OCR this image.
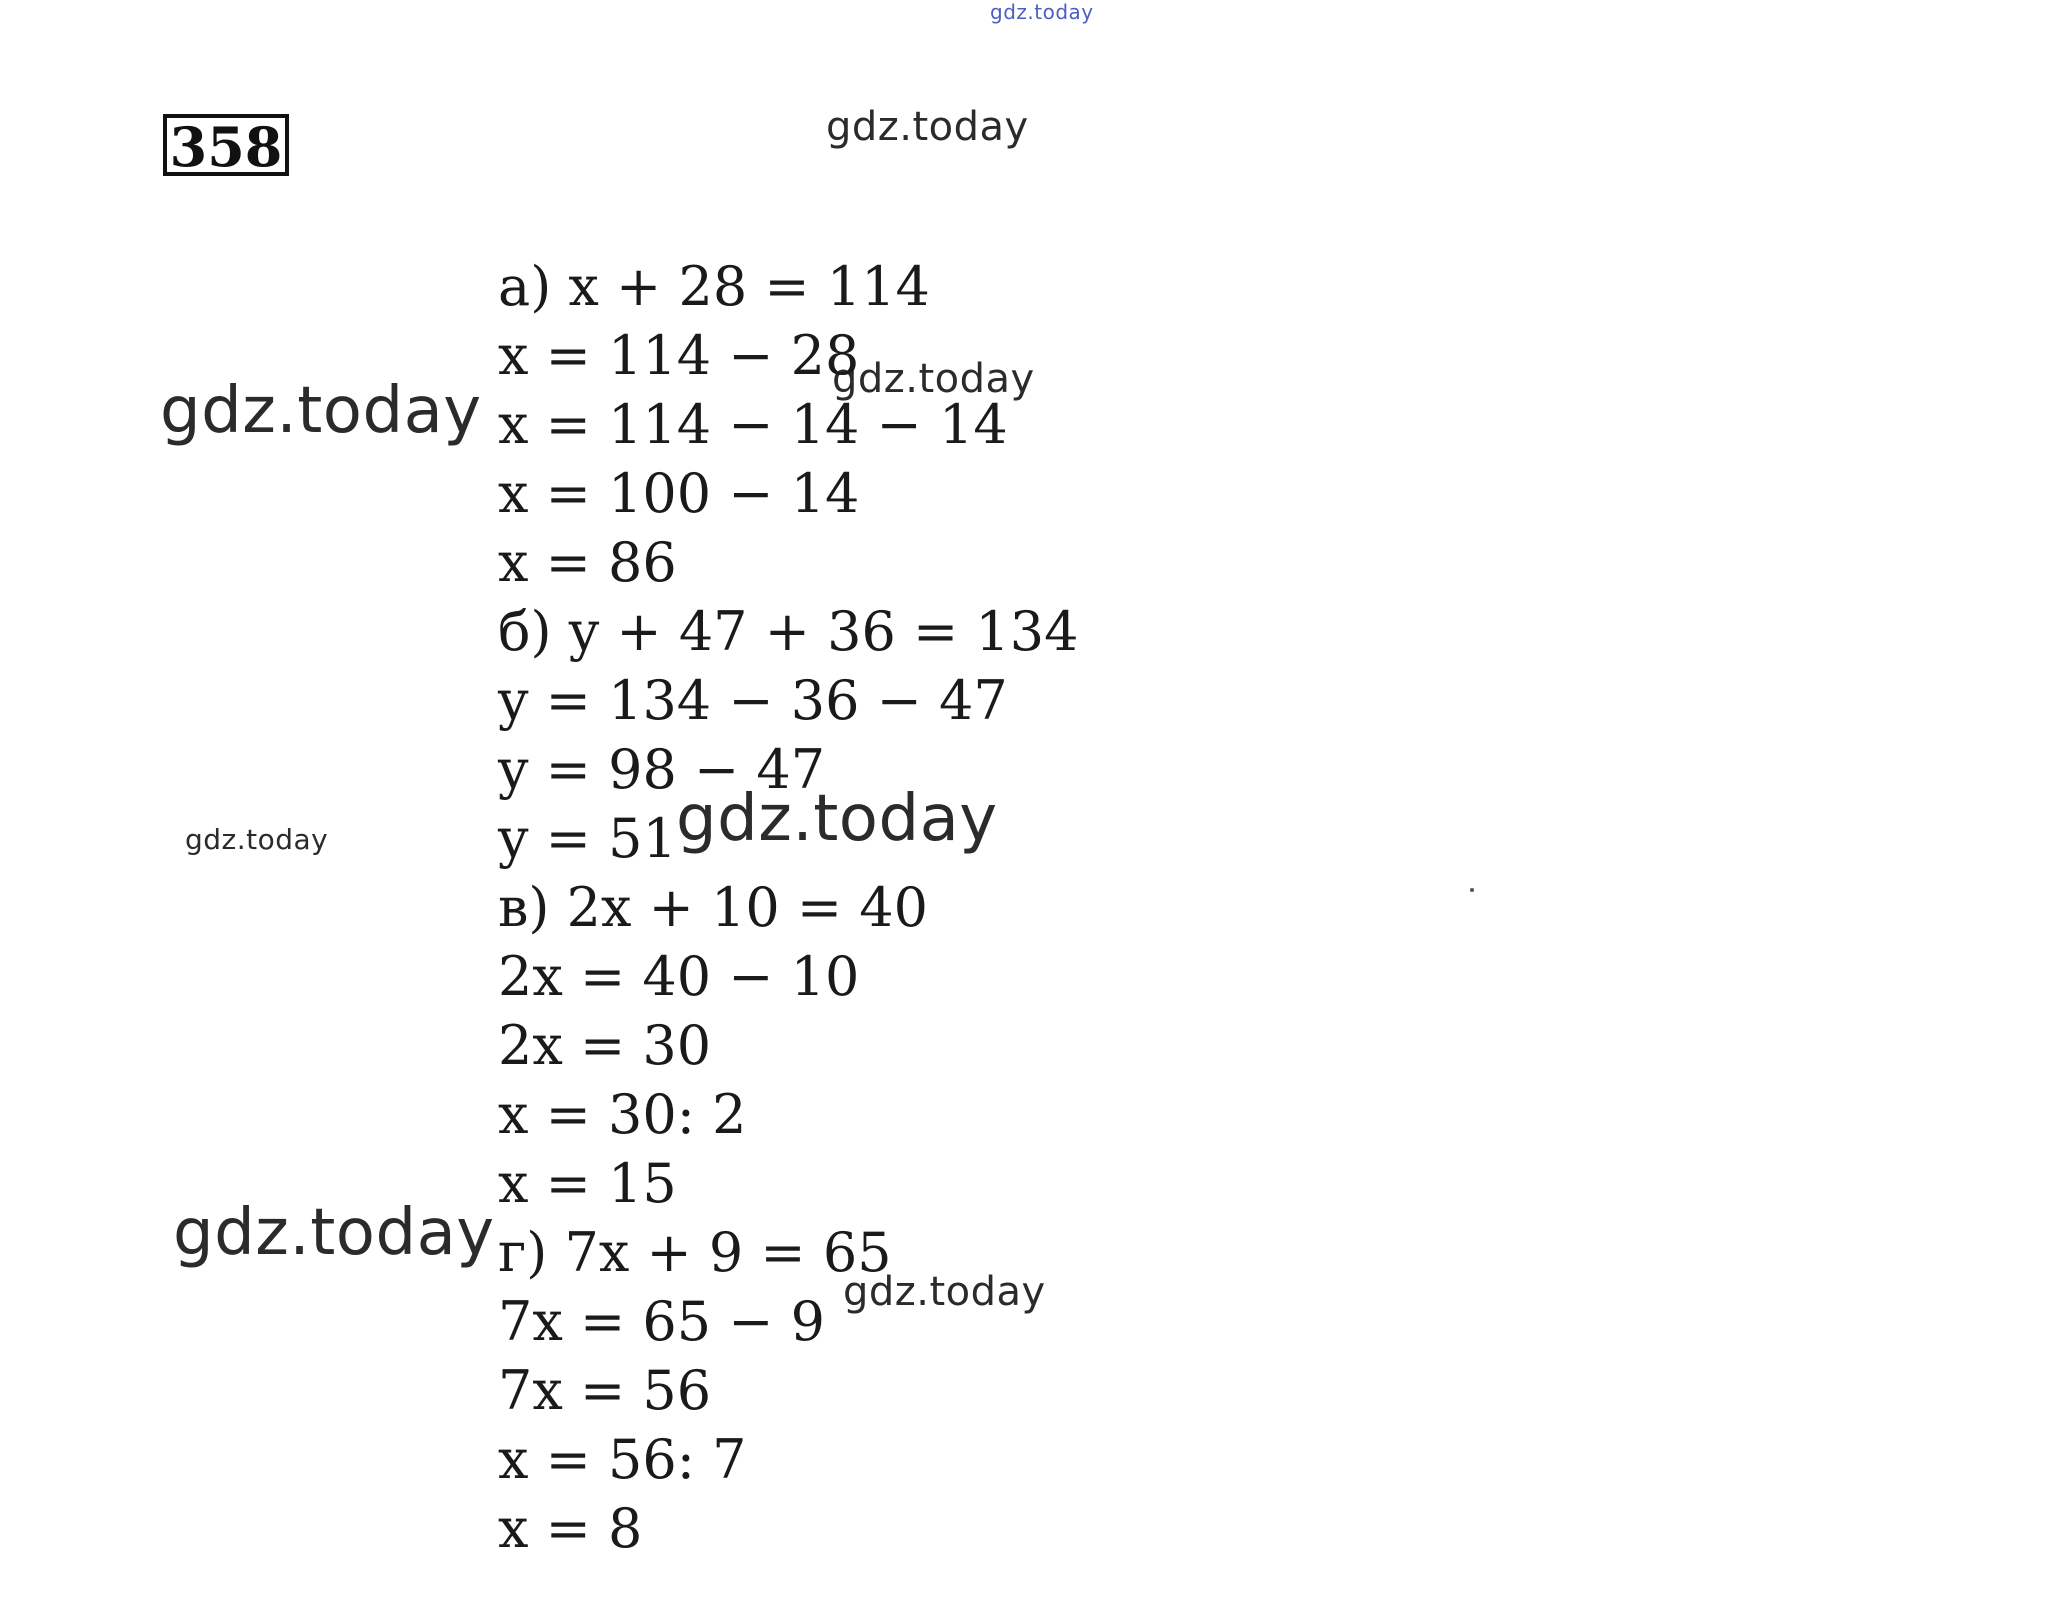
358
gdz.today
gdz.today
gdz.today
gdz.today
gdz.today	gdz.today
gdz.today
gdz.today
а) x + 28 = 114
x = 114 − 28
x = 114 − 14 − 14
x = 100 − 14
x = 86
б) y + 47 + 36 = 134
y = 134 − 36 − 47
y = 98 − 47
y = 51
в) 2x + 10 = 40
2x = 40 − 10
2x = 30
x = 30: 2
x = 15
г) 7x + 9 = 65
7x = 65 − 9
7x = 56
x = 56: 7
x = 8
